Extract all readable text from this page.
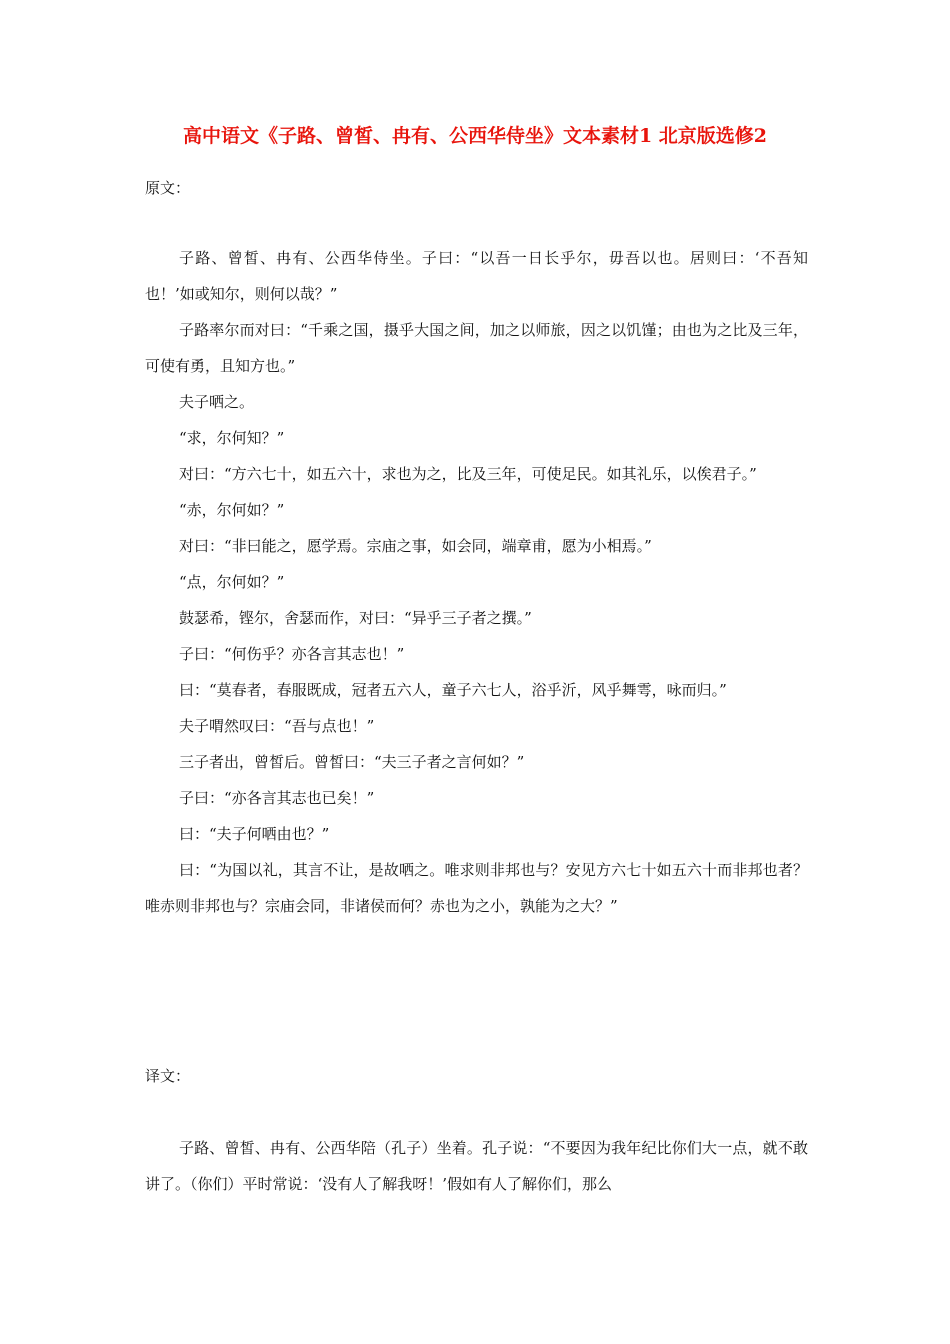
高中语文《子路、曾皙、冉有、公西华侍坐》文本素材1 北京版选修2
原文：

子路、曾皙、冉有、公西华侍坐。子曰：“以吾一日长乎尔，毋吾以也。居则曰：‘不吾知也！’如或知尔，则何以哉？”

子路率尔而对曰：“千乘之国，摄乎大国之间，加之以师旅，因之以饥馑；由也为之比及三年，可使有勇，且知方也。”

夫子哂之。

“求，尔何知？”

对曰：“方六七十，如五六十，求也为之，比及三年，可使足民。如其礼乐，以俟君子。”

“赤，尔何如？”

对曰：“非曰能之，愿学焉。宗庙之事，如会同，端章甫，愿为小相焉。”

“点，尔何如？”

鼓瑟希，铿尔，舍瑟而作，对曰：“异乎三子者之撰。”

子曰：“何伤乎？亦各言其志也！”

曰：“莫春者，春服既成，冠者五六人，童子六七人，浴乎沂，风乎舞雩，咏而归。”

夫子喟然叹曰：“吾与点也！”

三子者出，曾皙后。曾皙曰：“夫三子者之言何如？”

子曰：“亦各言其志也已矣！”

曰：“夫子何哂由也？”

曰：“为国以礼，其言不让，是故哂之。唯求则非邦也与？安见方六七十如五六十而非邦也者？唯赤则非邦也与？宗庙会同，非诸侯而何？赤也为之小，孰能为之大？”

译文：

子路、曾皙、冉有、公西华陪（孔子）坐着。孔子说：“不要因为我年纪比你们大一点，就不敢讲了。（你们）平时常说：‘没有人了解我呀！’假如有人了解你们，那么
